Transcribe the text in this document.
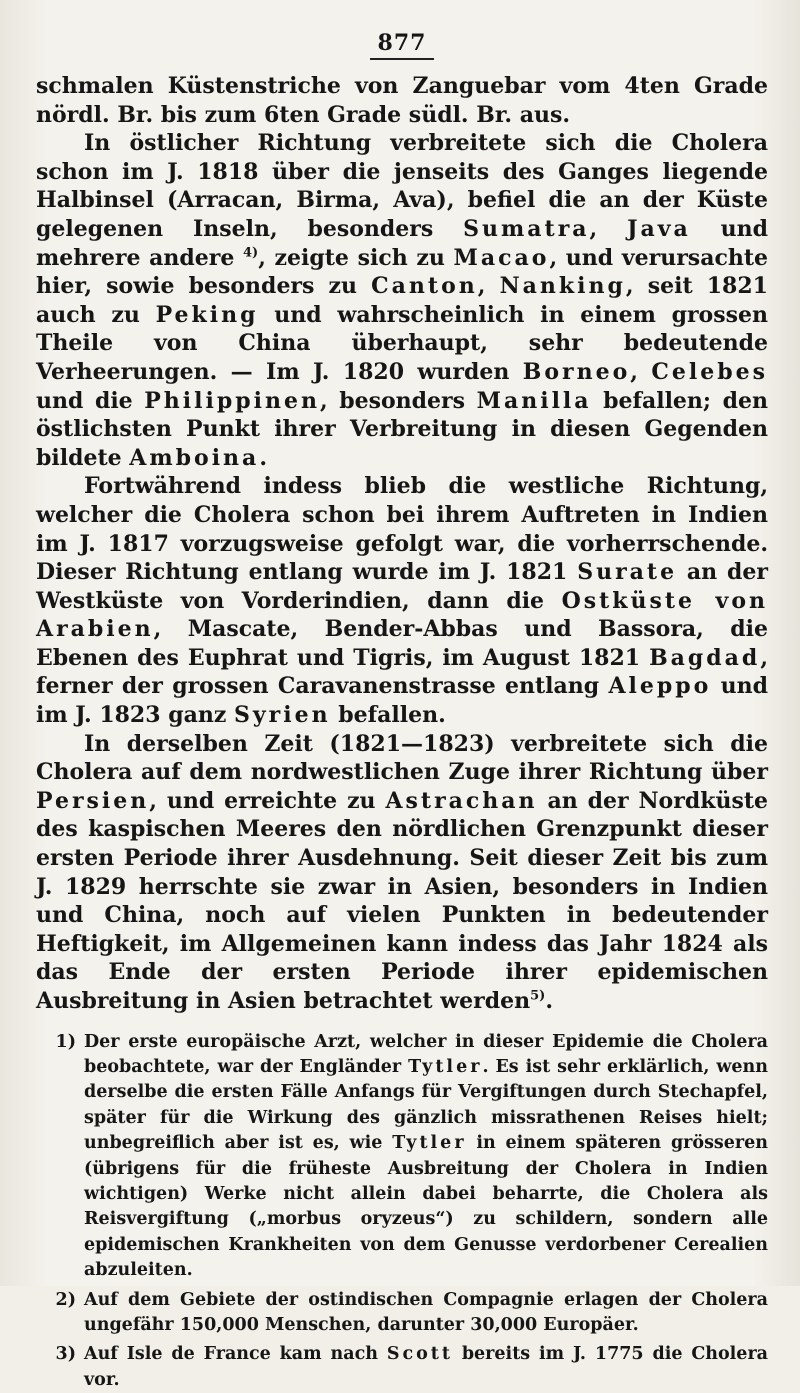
877

schmalen Küstenstriche von Zanguebar vom 4ten Grade nördl. Br. bis zum 6ten Grade südl. Br. aus.

In östlicher Richtung verbreitete sich die Cholera schon im J. 1818 über die jenseits des Ganges liegende Halbinsel (Arracan, Birma, Ava), befiel die an der Küste gelegenen Inseln, besonders Sumatra, Java und mehrere andere $^{4)}$, zeigte sich zu Macao, und verursachte hier, sowie besonders zu Canton, Nanking, seit 1821 auch zu Peking und wahrscheinlich in einem grossen Theile von China überhaupt, sehr bedeutende Verheerungen. — Im J. 1820 wurden Borneo, Celebes und die Philippinen, besonders Manilla befallen; den östlichsten Punkt ihrer Verbreitung in diesen Gegenden bildete Amboina.

Fortwährend indess blieb die westliche Richtung, welcher die Cholera schon bei ihrem Auftreten in Indien im J. 1817 vorzugsweise gefolgt war, die vorherrschende. Dieser Richtung entlang wurde im J. 1821 Surate an der Westküste von Vorderindien, dann die Ostküste von Arabien, Mascate, Bender-Abbas und Bassora, die Ebenen des Euphrat und Tigris, im August 1821 Bagdad, ferner der grossen Caravanenstrasse entlang Aleppo und im J. 1823 ganz Syrien befallen.

In derselben Zeit (1821—1823) verbreitete sich die Cholera auf dem nordwestlichen Zuge ihrer Richtung über Persien, und erreichte zu Astrachan an der Nordküste des kaspischen Meeres den nördlichen Grenzpunkt dieser ersten Periode ihrer Ausdehnung. Seit dieser Zeit bis zum J. 1829 herrschte sie zwar in Asien, besonders in Indien und China, noch auf vielen Punkten in bedeutender Heftigkeit, im Allgemeinen kann indess das Jahr 1824 als das Ende der ersten Periode ihrer epidemischen Ausbreitung in Asien betrachtet werden$^{5)}$.

1) Der erste europäische Arzt, welcher in dieser Epidemie die Cholera beobachtete, war der Engländer Tytler. Es ist sehr erklärlich, wenn derselbe die ersten Fälle Anfangs für Vergiftungen durch Stechapfel, später für die Wirkung des gänzlich missrathenen Reises hielt; unbegreiflich aber ist es, wie Tytler in einem späteren grösseren (übrigens für die früheste Ausbreitung der Cholera in Indien wichtigen) Werke nicht allein dabei beharrte, die Cholera als Reisvergiftung („morbus oryzeus“) zu schildern, sondern alle epidemischen Krankheiten von dem Genusse verdorbener Cerealien abzuleiten.
2) Auf dem Gebiete der ostindischen Compagnie erlagen der Cholera ungefähr 150,000 Menschen, darunter 30,000 Europäer.
3) Auf Isle de France kam nach Scott bereits im J. 1775 die Cholera vor.
